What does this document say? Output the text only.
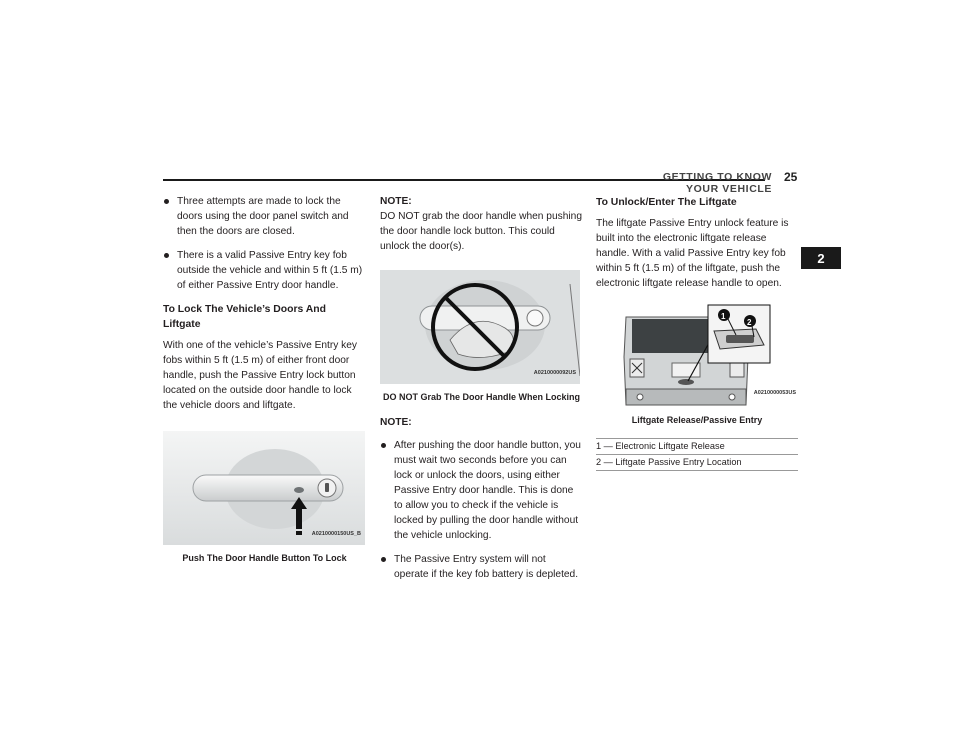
GETTING TO KNOW YOUR VEHICLE
25
2

Three attempts are made to lock the doors using the door panel switch and then the doors are closed.

There is a valid Passive Entry key fob outside the vehicle and within 5 ft (1.5 m) of either Passive Entry door handle.

To Lock The Vehicle’s Doors And Liftgate

With one of the vehicle’s Passive Entry key fobs within 5 ft (1.5 m) of either front door handle, push the Passive Entry lock button located on the outside door handle to lock the vehicle doors and liftgate.

A0210000150US_B

Push The Door Handle Button To Lock

NOTE:

DO NOT grab the door handle when pushing the door handle lock button. This could unlock the door(s).

A0210000092US

DO NOT Grab The Door Handle When Locking

NOTE:

After pushing the door handle button, you must wait two seconds before you can lock or unlock the doors, using either Passive Entry door handle. This is done to allow you to check if the vehicle is locked by pulling the door handle without the vehicle unlocking.

The Passive Entry system will not operate if the key fob battery is depleted.

To Unlock/Enter The Liftgate

The liftgate Passive Entry unlock feature is built into the electronic liftgate release handle. With a valid Passive Entry key fob within 5 ft (1.5 m) of the liftgate, push the electronic liftgate release handle to open.

1
2
A0210000053US

Liftgate Release/Passive Entry

1 — Electronic Liftgate Release
2 — Liftgate Passive Entry Location
